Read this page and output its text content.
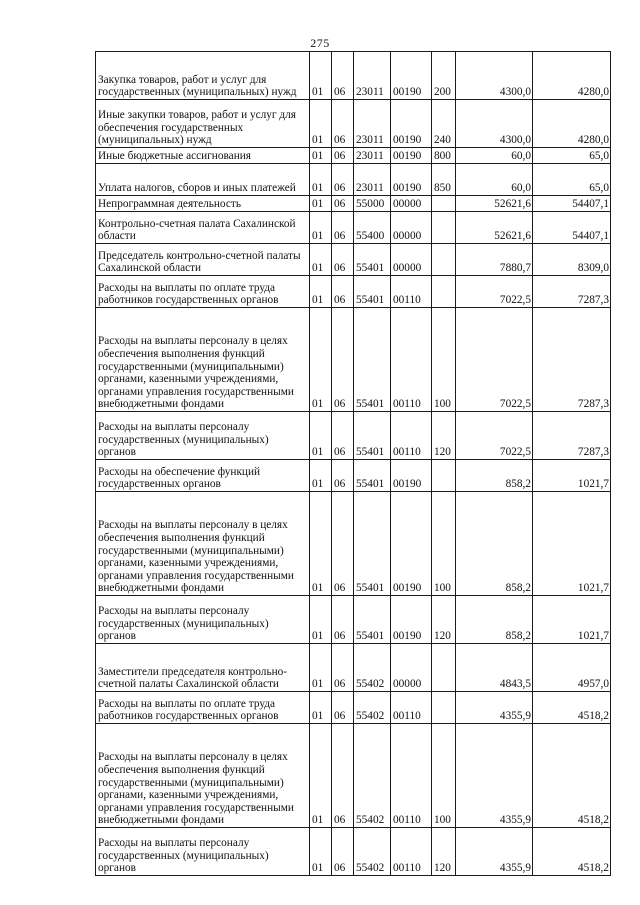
275
Закупка товаров, работ и услуг для государственных (муниципальных) нужд	01	06	23011	00190	200	4300,0	4280,0
Иные закупки товаров, работ и услуг для обеспечения государственных (муниципальных) нужд	01	06	23011	00190	240	4300,0	4280,0
Иные бюджетные ассигнования	01	06	23011	00190	800	60,0	65,0
Уплата налогов, сборов и иных платежей	01	06	23011	00190	850	60,0	65,0
Непрограммная деятельность	01	06	55000	00000		52621,6	54407,1
Контрольно-счетная палата Сахалинской области	01	06	55400	00000		52621,6	54407,1
Председатель контрольно-счетной палаты Сахалинской области	01	06	55401	00000		7880,7	8309,0
Расходы на выплаты по оплате труда работников государственных органов	01	06	55401	00110		7022,5	7287,3
Расходы на выплаты персоналу в целях обеспечения выполнения функций государственными (муниципальными) органами, казенными учреждениями, органами управления государственными внебюджетными фондами	01	06	55401	00110	100	7022,5	7287,3
Расходы на выплаты персоналу государственных (муниципальных) органов	01	06	55401	00110	120	7022,5	7287,3
Расходы на обеспечение функций государственных органов	01	06	55401	00190		858,2	1021,7
Расходы на выплаты персоналу в целях обеспечения выполнения функций государственными (муниципальными) органами, казенными учреждениями, органами управления государственными внебюджетными фондами	01	06	55401	00190	100	858,2	1021,7
Расходы на выплаты персоналу государственных (муниципальных) органов	01	06	55401	00190	120	858,2	1021,7
Заместители председателя контрольно-счетной палаты Сахалинской области	01	06	55402	00000		4843,5	4957,0
Расходы на выплаты по оплате труда работников государственных органов	01	06	55402	00110		4355,9	4518,2
Расходы на выплаты персоналу в целях обеспечения выполнения функций государственными (муниципальными) органами, казенными учреждениями, органами управления государственными внебюджетными фондами	01	06	55402	00110	100	4355,9	4518,2
Расходы на выплаты персоналу государственных (муниципальных) органов	01	06	55402	00110	120	4355,9	4518,2
